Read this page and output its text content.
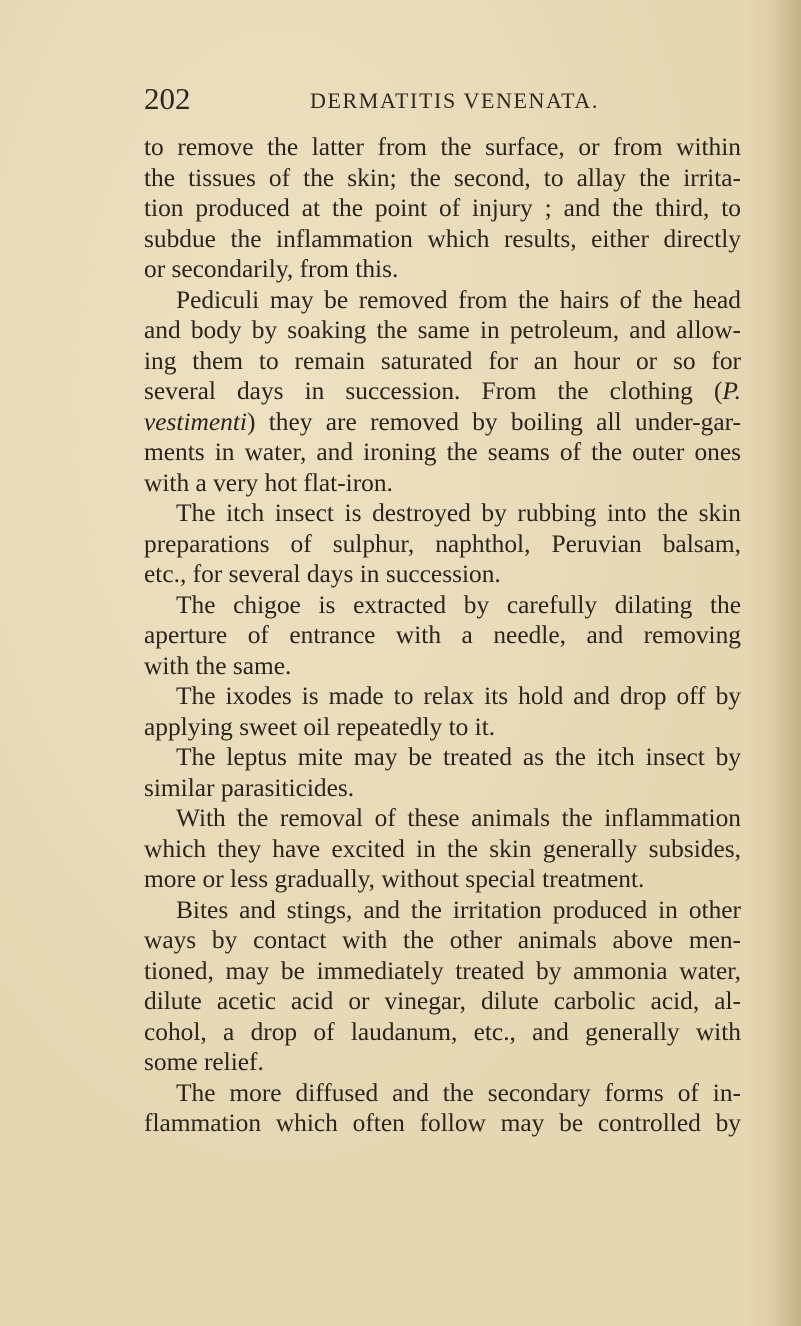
202	DERMATITIS VENENATA.
to remove the latter from the surface, or from within
the tissues of the skin; the second, to allay the irrita-
tion produced at the point of injury ; and the third, to
subdue the inflammation which results, either directly
or secondarily, from this.
Pediculi may be removed from the hairs of the head
and body by soaking the same in petroleum, and allow-
ing them to remain saturated for an hour or so for
several days in succession. From the clothing (P.
vestimenti) they are removed by boiling all under-gar-
ments in water, and ironing the seams of the outer ones
with a very hot flat-iron.
The itch insect is destroyed by rubbing into the skin
preparations of sulphur, naphthol, Peruvian balsam,
etc., for several days in succession.
The chigoe is extracted by carefully dilating the
aperture of entrance with a needle, and removing
with the same.
The ixodes is made to relax its hold and drop off by
applying sweet oil repeatedly to it.
The leptus mite may be treated as the itch insect by
similar parasiticides.
With the removal of these animals the inflammation
which they have excited in the skin generally subsides,
more or less gradually, without special treatment.
Bites and stings, and the irritation produced in other
ways by contact with the other animals above men-
tioned, may be immediately treated by ammonia water,
dilute acetic acid or vinegar, dilute carbolic acid, al-
cohol, a drop of laudanum, etc., and generally with
some relief.
The more diffused and the secondary forms of in-
flammation which often follow may be controlled by
